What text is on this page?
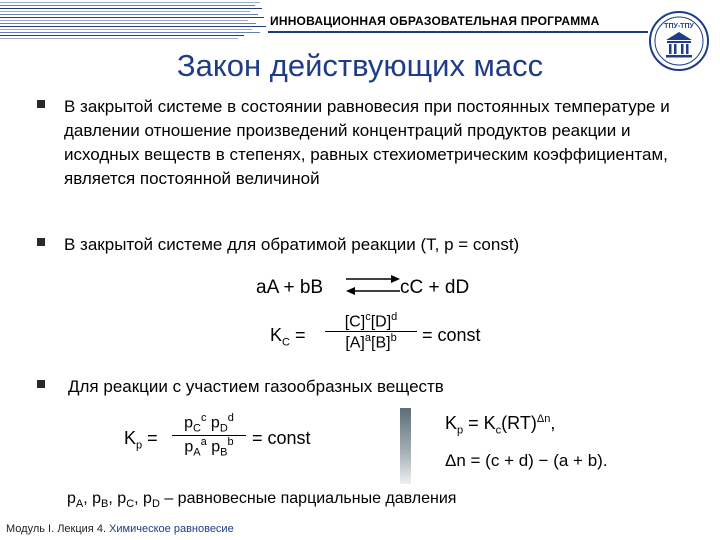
ИННОВАЦИОННАЯ ОБРАЗОВАТЕЛЬНАЯ ПРОГРАММА	ТПУ-ТПУ
Закон действующих масс
В закрытой системе в состоянии равновесия при постоянных температуре и давлении отношение произведений концентраций продуктов реакции и исходных веществ в степенях, равных стехиометрическим коэффициентам, является постоянной величиной
В закрытой системе для обратимой реакции (Т, р = const)
Для реакции с участием газообразных веществ
aA + bB ⇌
cC + dD
$K_C$ =
$[C]^c[D]^d$
$[A]^a[B]^b$ = const
$K_p$ =
$p_C^c$ $p_D^d$
$p_A^a$ $p_B^b$ = const
$K_p = K_c(RT)^{\Delta n}$,
Δn = (c + d) − (a + b).
$p_A$, $p_B$, $p_C$, $p_D$ – равновесные парциальные давления
Модуль I. Лекция 4. Химическое равновесие
